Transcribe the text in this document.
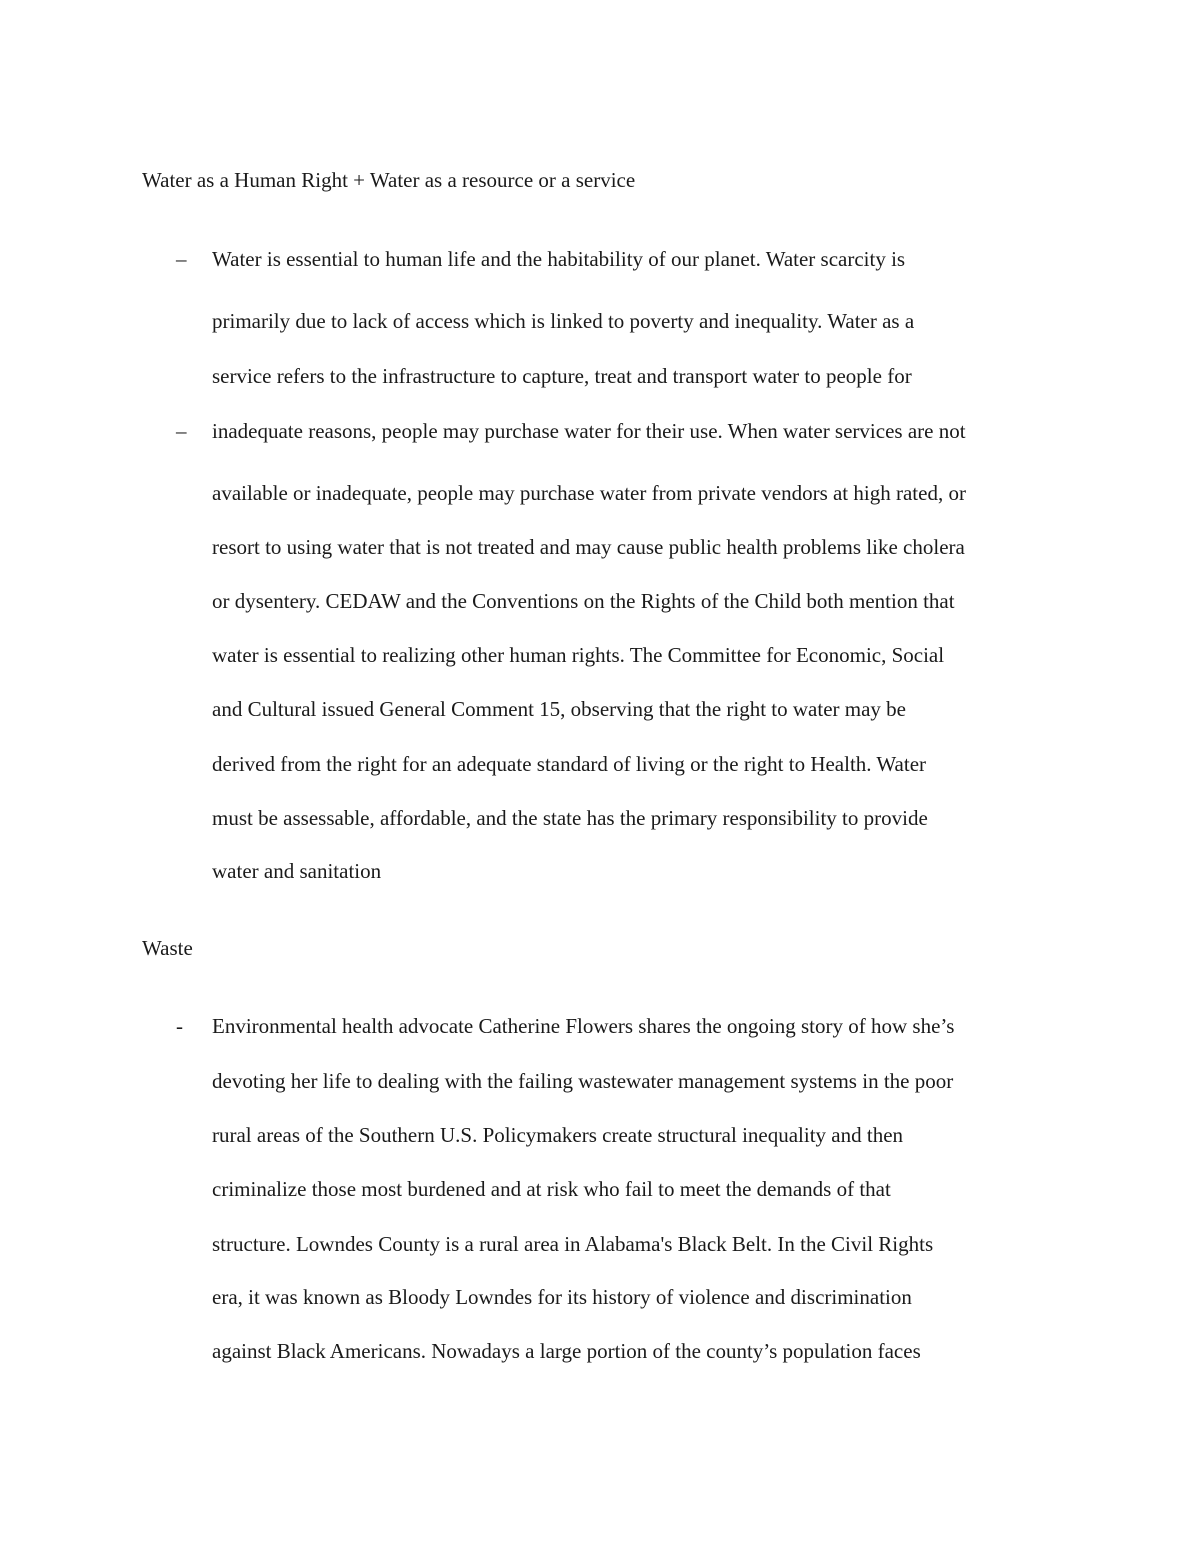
Water as a Human Right + Water as a resource or a service
– Water is essential to human life and the habitability of our planet. Water scarcity is
primarily due to lack of access which is linked to poverty and inequality. Water as a
service refers to the infrastructure to capture, treat and transport water to people for
– inadequate reasons, people may purchase water for their use. When water services are not
available or inadequate, people may purchase water from private vendors at high rated, or
resort to using water that is not treated and may cause public health problems like cholera
or dysentery. CEDAW and the Conventions on the Rights of the Child both mention that
water is essential to realizing other human rights. The Committee for Economic, Social
and Cultural issued General Comment 15, observing that the right to water may be
derived from the right for an adequate standard of living or the right to Health. Water
must be assessable, affordable, and the state has the primary responsibility to provide
water and sanitation
Waste
- Environmental health advocate Catherine Flowers shares the ongoing story of how she’s
devoting her life to dealing with the failing wastewater management systems in the poor
rural areas of the Southern U.S. Policymakers create structural inequality and then
criminalize those most burdened and at risk who fail to meet the demands of that
structure. Lowndes County is a rural area in Alabama's Black Belt. In the Civil Rights
era, it was known as Bloody Lowndes for its history of violence and discrimination
against Black Americans. Nowadays a large portion of the county’s population faces
